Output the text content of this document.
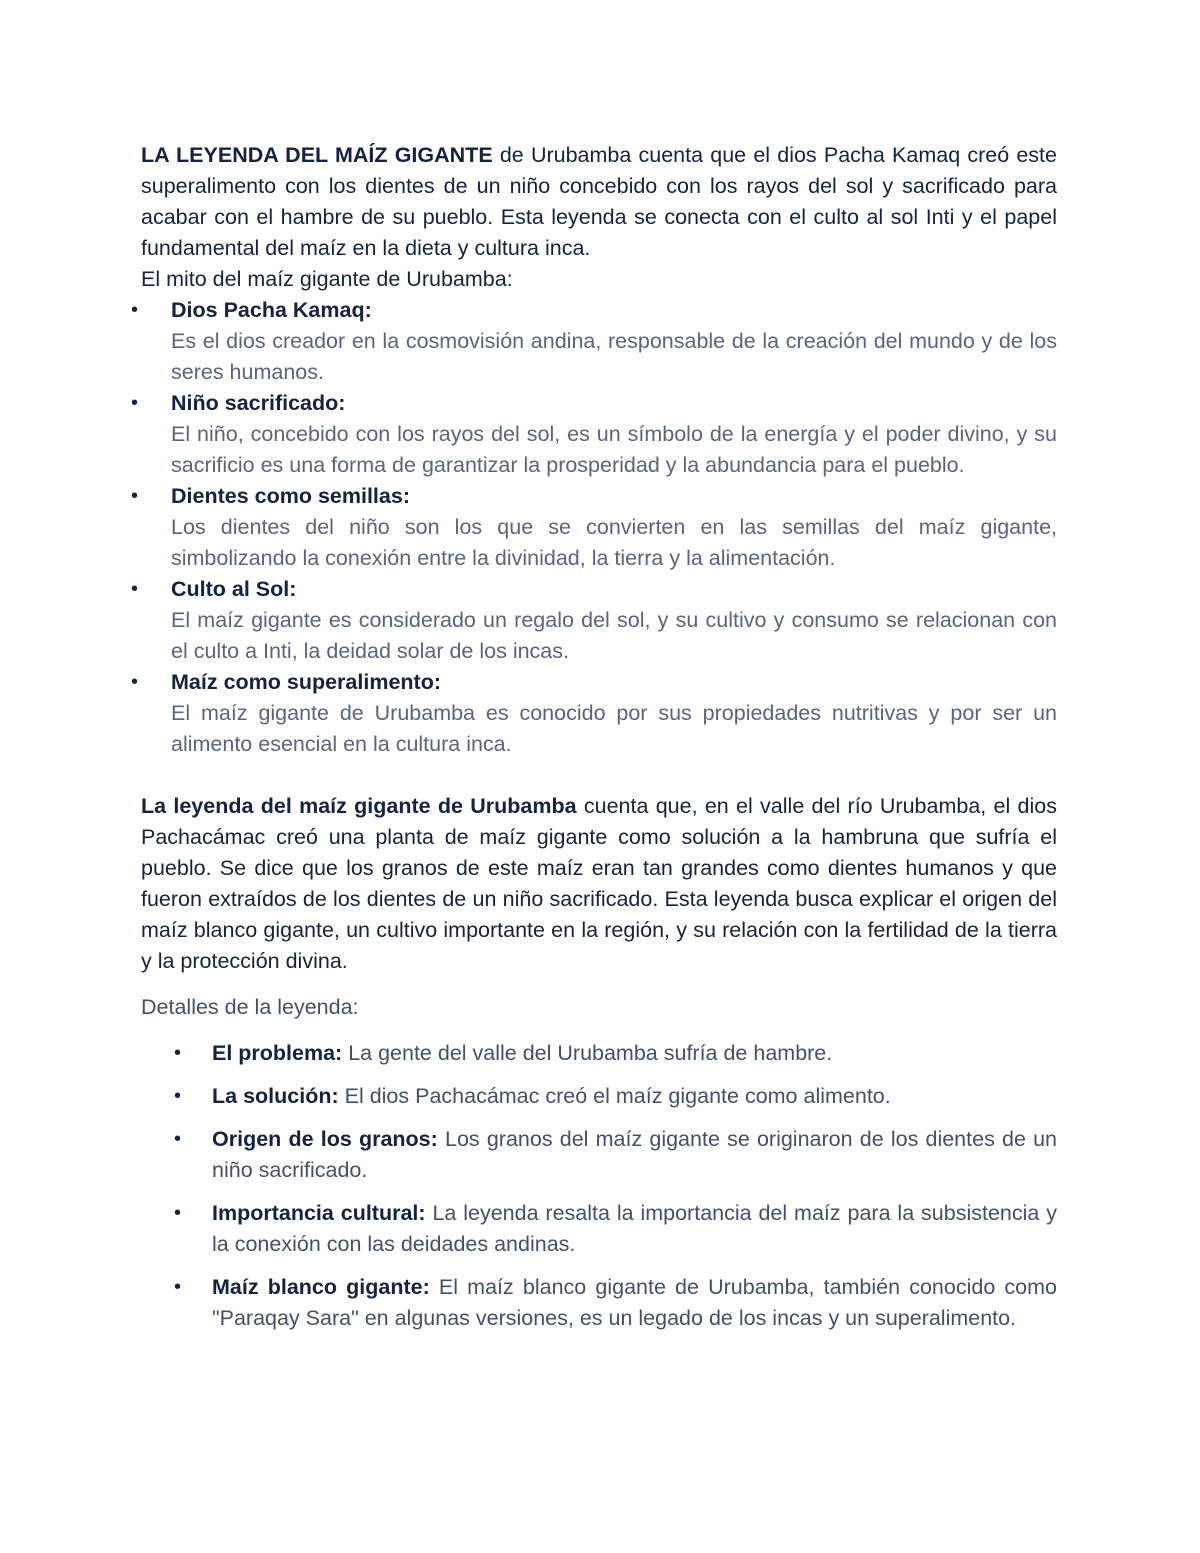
LA LEYENDA DEL MAÍZ GIGANTE de Urubamba cuenta que el dios Pacha Kamaq creó este superalimento con los dientes de un niño concebido con los rayos del sol y sacrificado para acabar con el hambre de su pueblo. Esta leyenda se conecta con el culto al sol Inti y el papel fundamental del maíz en la dieta y cultura inca.

El mito del maíz gigante de Urubamba:

• Dios Pacha Kamaq:
Es el dios creador en la cosmovisión andina, responsable de la creación del mundo y de los seres humanos.
• Niño sacrificado:
El niño, concebido con los rayos del sol, es un símbolo de la energía y el poder divino, y su sacrificio es una forma de garantizar la prosperidad y la abundancia para el pueblo.
• Dientes como semillas:
Los dientes del niño son los que se convierten en las semillas del maíz gigante, simbolizando la conexión entre la divinidad, la tierra y la alimentación.
• Culto al Sol:
El maíz gigante es considerado un regalo del sol, y su cultivo y consumo se relacionan con el culto a Inti, la deidad solar de los incas.
• Maíz como superalimento:
El maíz gigante de Urubamba es conocido por sus propiedades nutritivas y por ser un alimento esencial en la cultura inca.

La leyenda del maíz gigante de Urubamba cuenta que, en el valle del río Urubamba, el dios Pachacámac creó una planta de maíz gigante como solución a la hambruna que sufría el pueblo. Se dice que los granos de este maíz eran tan grandes como dientes humanos y que fueron extraídos de los dientes de un niño sacrificado. Esta leyenda busca explicar el origen del maíz blanco gigante, un cultivo importante en la región, y su relación con la fertilidad de la tierra y la protección divina.

Detalles de la leyenda:

• El problema: La gente del valle del Urubamba sufría de hambre.
• La solución: El dios Pachacámac creó el maíz gigante como alimento.
• Origen de los granos: Los granos del maíz gigante se originaron de los dientes de un niño sacrificado.
• Importancia cultural: La leyenda resalta la importancia del maíz para la subsistencia y la conexión con las deidades andinas.
• Maíz blanco gigante: El maíz blanco gigante de Urubamba, también conocido como "Paraqay Sara" en algunas versiones, es un legado de los incas y un superalimento.
